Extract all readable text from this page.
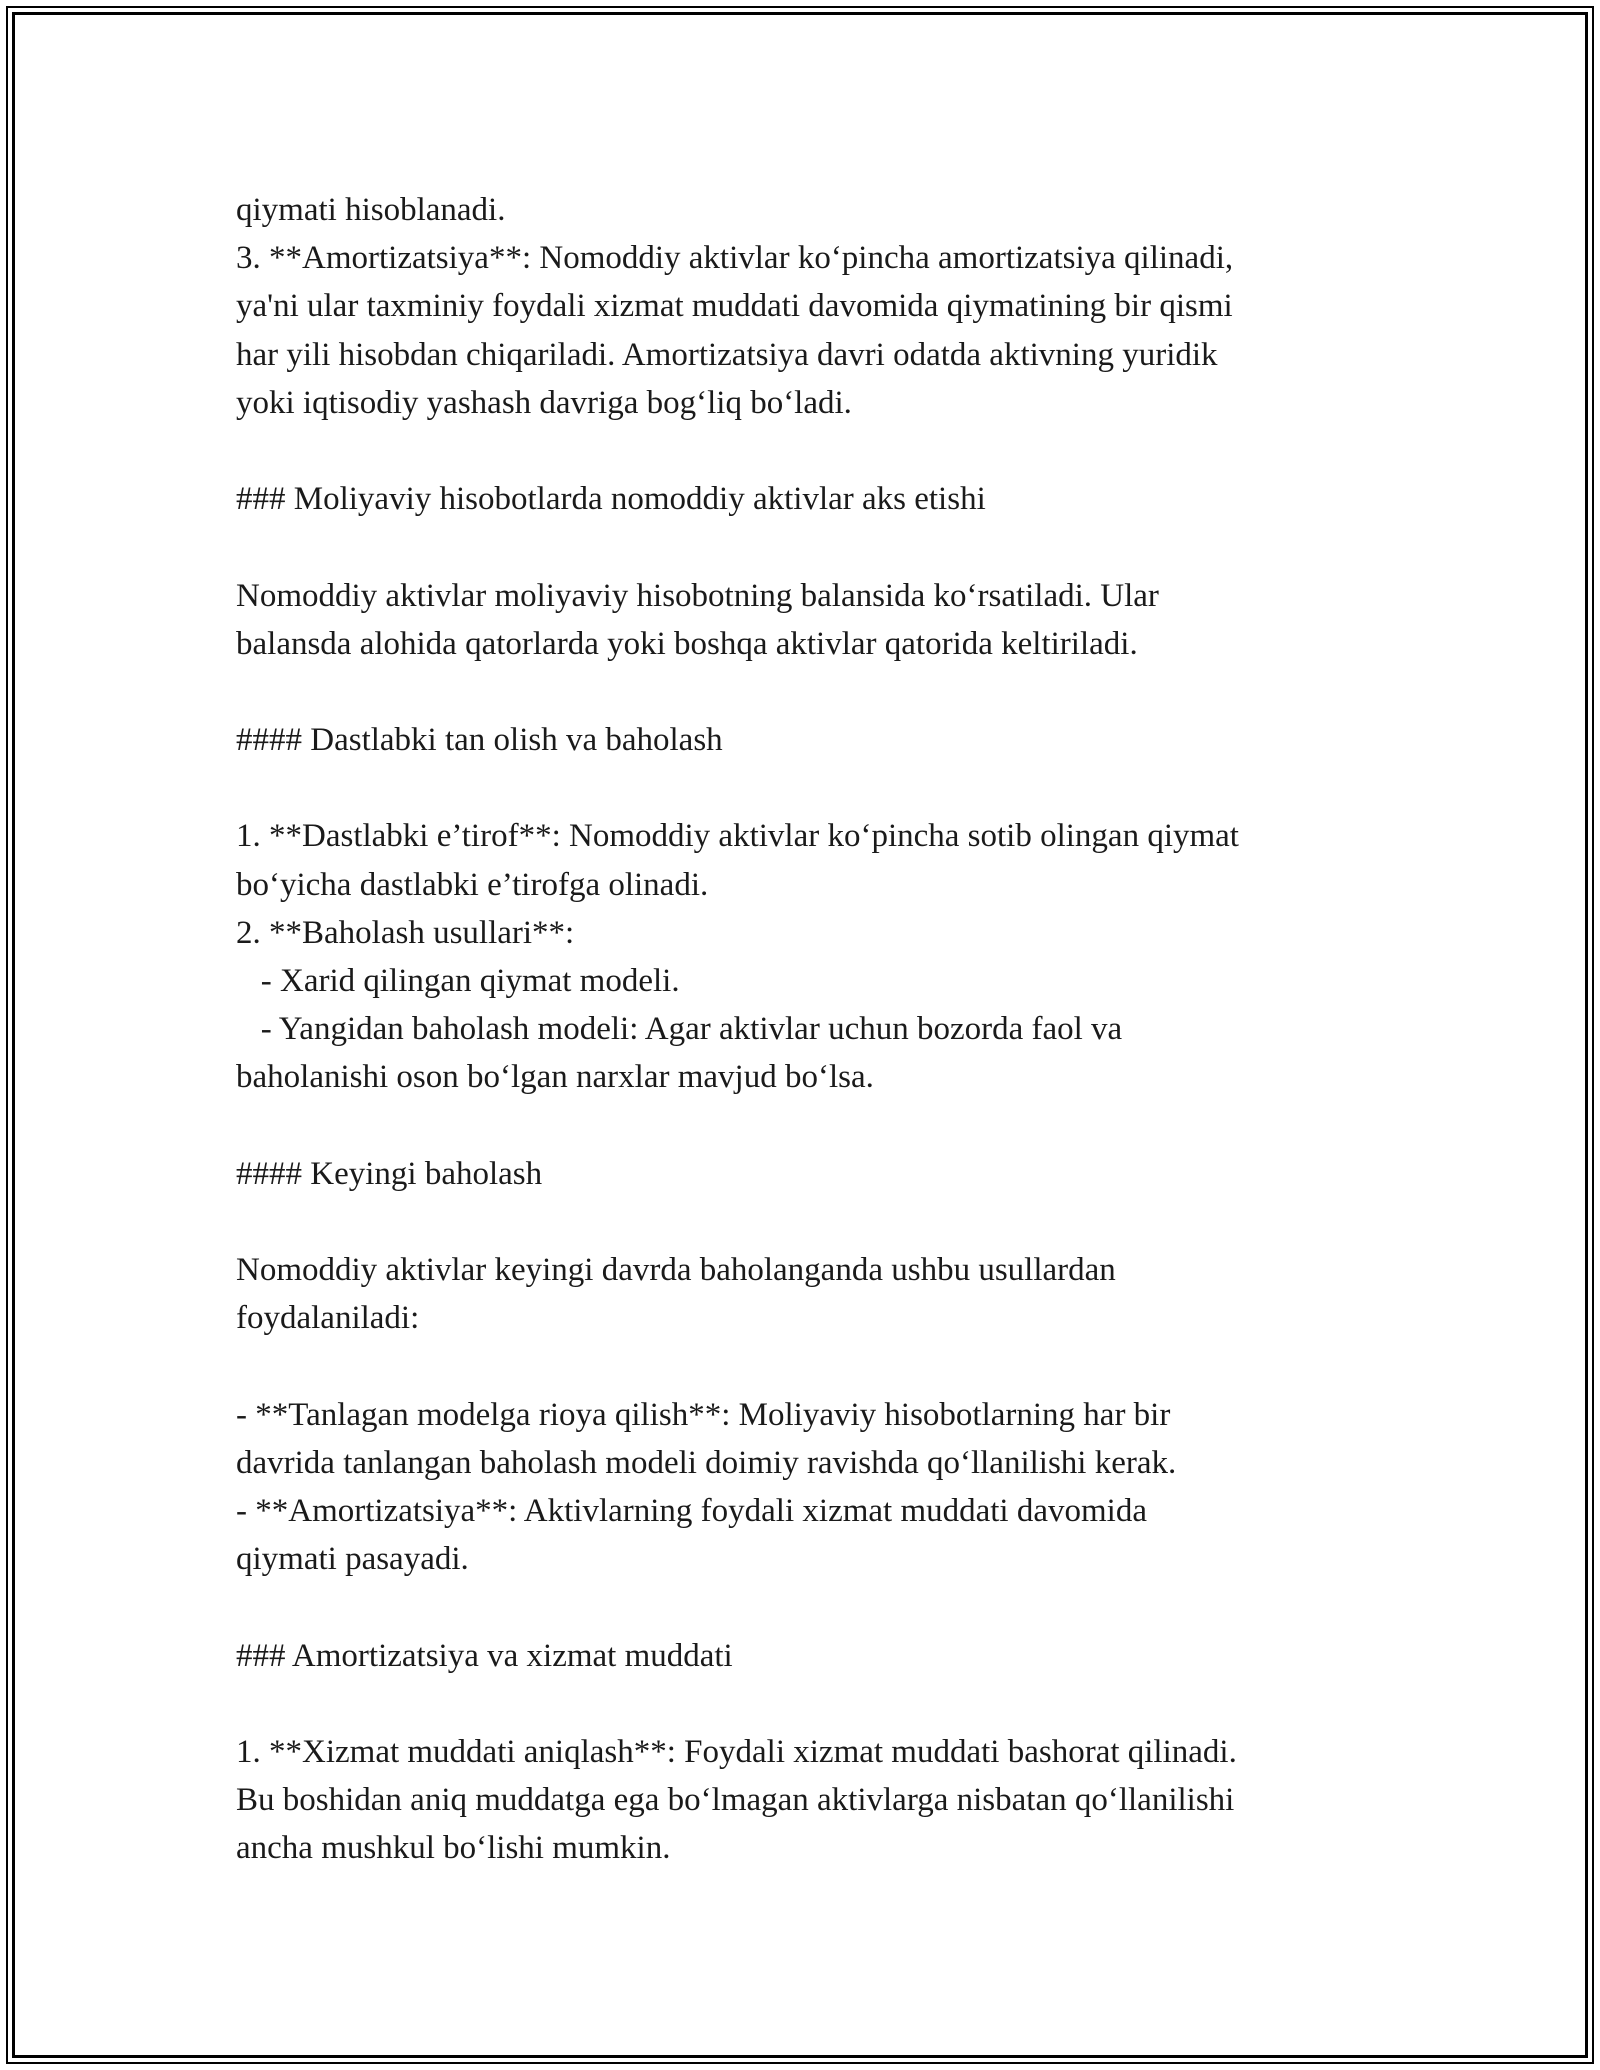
qiymati hisoblanadi.
3. **Amortizatsiya**: Nomoddiy aktivlar ko‘pincha amortizatsiya qilinadi,
ya'ni ular taxminiy foydali xizmat muddati davomida qiymatining bir qismi
har yili hisobdan chiqariladi. Amortizatsiya davri odatda aktivning yuridik
yoki iqtisodiy yashash davriga bog‘liq bo‘ladi.
### Moliyaviy hisobotlarda nomoddiy aktivlar aks etishi
Nomoddiy aktivlar moliyaviy hisobotning balansida ko‘rsatiladi. Ular
balansda alohida qatorlarda yoki boshqa aktivlar qatorida keltiriladi.
#### Dastlabki tan olish va baholash
1. **Dastlabki e’tirof**: Nomoddiy aktivlar ko‘pincha sotib olingan qiymat
bo‘yicha dastlabki e’tirofga olinadi.
2. **Baholash usullari**:
- Xarid qilingan qiymat modeli.
- Yangidan baholash modeli: Agar aktivlar uchun bozorda faol va
baholanishi oson bo‘lgan narxlar mavjud bo‘lsa.
#### Keyingi baholash
Nomoddiy aktivlar keyingi davrda baholanganda ushbu usullardan
foydalaniladi:
- **Tanlagan modelga rioya qilish**: Moliyaviy hisobotlarning har bir
davrida tanlangan baholash modeli doimiy ravishda qo‘llanilishi kerak.
- **Amortizatsiya**: Aktivlarning foydali xizmat muddati davomida
qiymati pasayadi.
### Amortizatsiya va xizmat muddati
1. **Xizmat muddati aniqlash**: Foydali xizmat muddati bashorat qilinadi.
Bu boshidan aniq muddatga ega bo‘lmagan aktivlarga nisbatan qo‘llanilishi
ancha mushkul bo‘lishi mumkin.
